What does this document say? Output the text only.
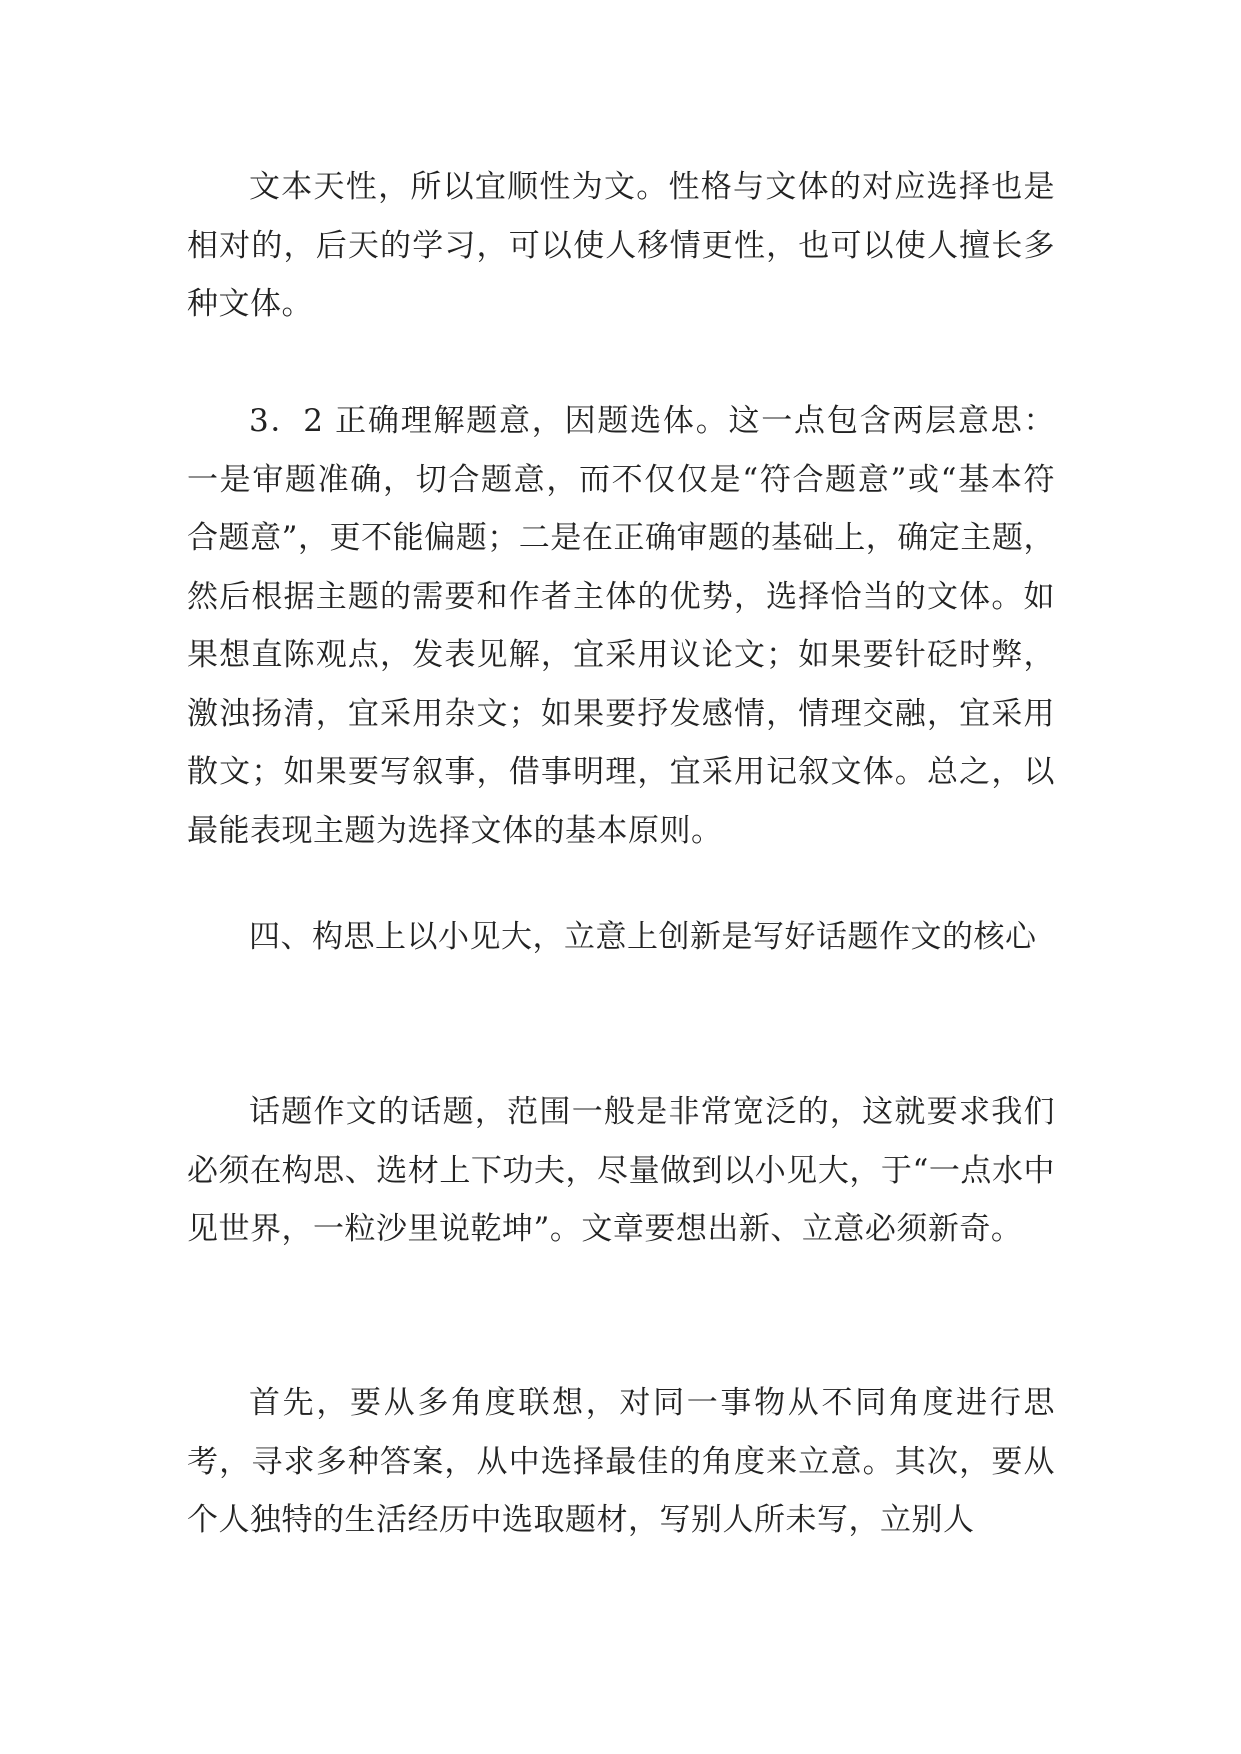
文本天性，所以宜顺性为文。性格与文体的对应选择也是相对的，后天的学习，可以使人移情更性，也可以使人擅长多种文体。

3．2 正确理解题意，因题选体。这一点包含两层意思：一是审题准确，切合题意，而不仅仅是“符合题意”或“基本符合题意”，更不能偏题；二是在正确审题的基础上，确定主题，然后根据主题的需要和作者主体的优势，选择恰当的文体。如果想直陈观点，发表见解，宜采用议论文；如果要针砭时弊，激浊扬清，宜采用杂文；如果要抒发感情，情理交融，宜采用散文；如果要写叙事，借事明理，宜采用记叙文体。总之，以最能表现主题为选择文体的基本原则。

四、构思上以小见大，立意上创新是写好话题作文的核心

话题作文的话题，范围一般是非常宽泛的，这就要求我们必须在构思、选材上下功夫，尽量做到以小见大，于“一点水中见世界，一粒沙里说乾坤”。文章要想出新、立意必须新奇。

首先，要从多角度联想，对同一事物从不同角度进行思考，寻求多种答案，从中选择最佳的角度来立意。其次，要从个人独特的生活经历中选取题材，写别人所未写，立别人
